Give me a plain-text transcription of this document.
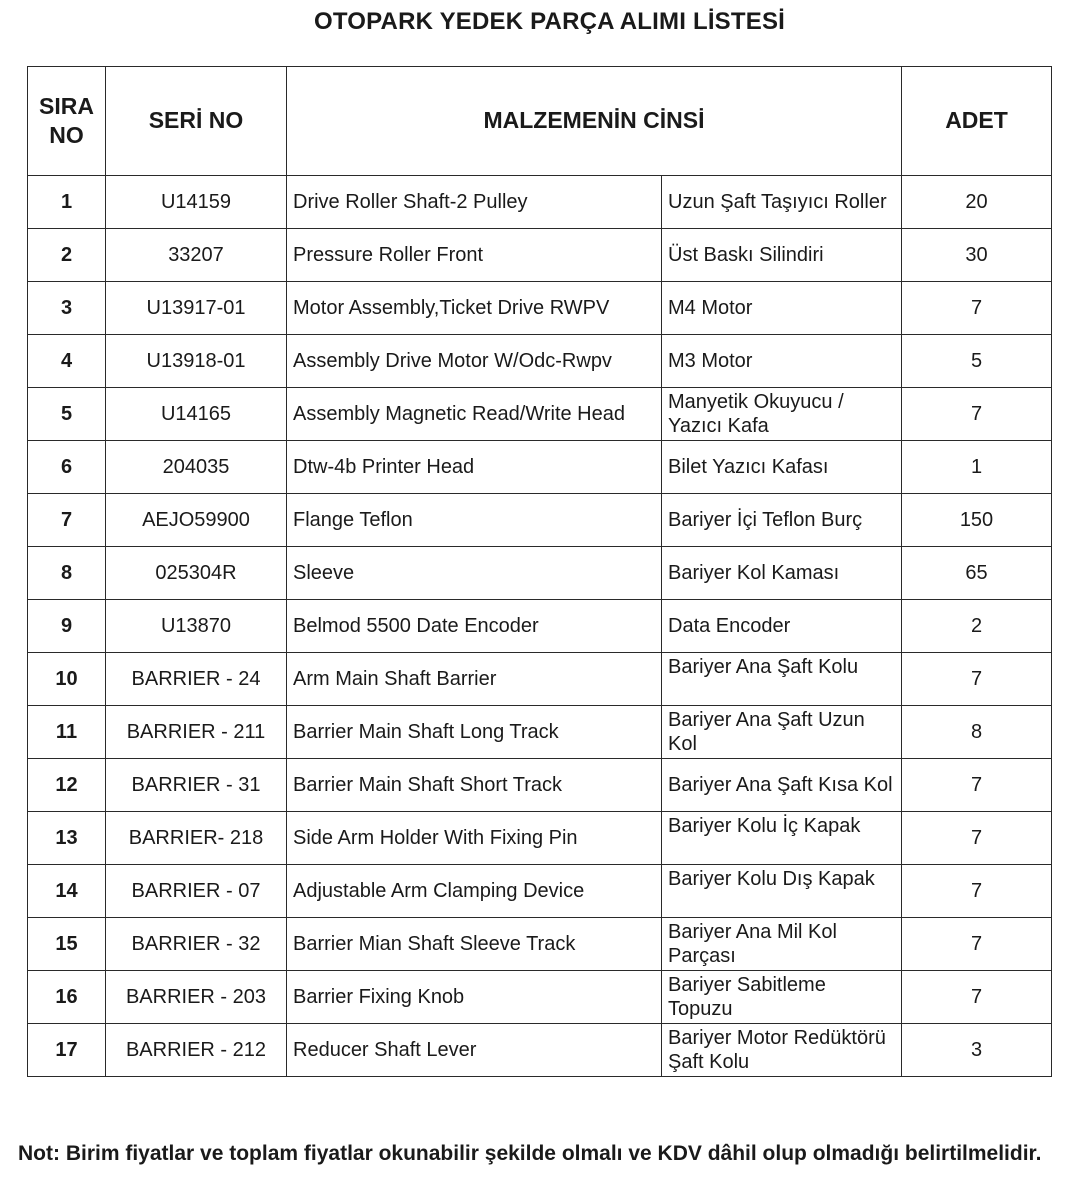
OTOPARK YEDEK PARÇA ALIMI LİSTESİ
SIRA
NO	SERİ NO	MALZEMENİN CİNSİ		ADET
1	U14159	Drive Roller Shaft-2 Pulley	Uzun Şaft Taşıyıcı Roller	20
2	33207	Pressure Roller Front	Üst Baskı Silindiri	30
3	U13917-01	Motor Assembly,Ticket Drive RWPV	M4 Motor	7
4	U13918-01	Assembly Drive Motor W/Odc-Rwpv	M3 Motor	5
5	U14165	Assembly Magnetic Read/Write Head	Manyetik Okuyucu / Yazıcı Kafa	7
6	204035	Dtw-4b Printer Head	Bilet Yazıcı Kafası	1
7	AEJO59900	Flange Teflon	Bariyer İçi Teflon Burç	150
8	025304R	Sleeve	Bariyer Kol Kaması	65
9	U13870	Belmod 5500 Date Encoder	Data Encoder	2
10	BARRIER - 24	Arm Main Shaft Barrier	Bariyer Ana Şaft Kolu	7
11	BARRIER - 211	Barrier Main Shaft Long Track	Bariyer Ana Şaft Uzun Kol	8
12	BARRIER - 31	Barrier Main Shaft Short Track	Bariyer Ana Şaft Kısa Kol	7
13	BARRIER- 218	Side Arm Holder With Fixing Pin	Bariyer Kolu İç Kapak	7
14	BARRIER - 07	Adjustable Arm Clamping Device	Bariyer Kolu Dış Kapak	7
15	BARRIER - 32	Barrier Mian Shaft Sleeve Track	Bariyer Ana Mil Kol Parçası	7
16	BARRIER - 203	Barrier Fixing Knob	Bariyer Sabitleme Topuzu	7
17	BARRIER - 212	Reducer Shaft Lever	Bariyer Motor Redüktörü Şaft Kolu	3
Not: Birim fiyatlar ve toplam fiyatlar okunabilir şekilde olmalı ve KDV dâhil olup olmadığı belirtilmelidir.
